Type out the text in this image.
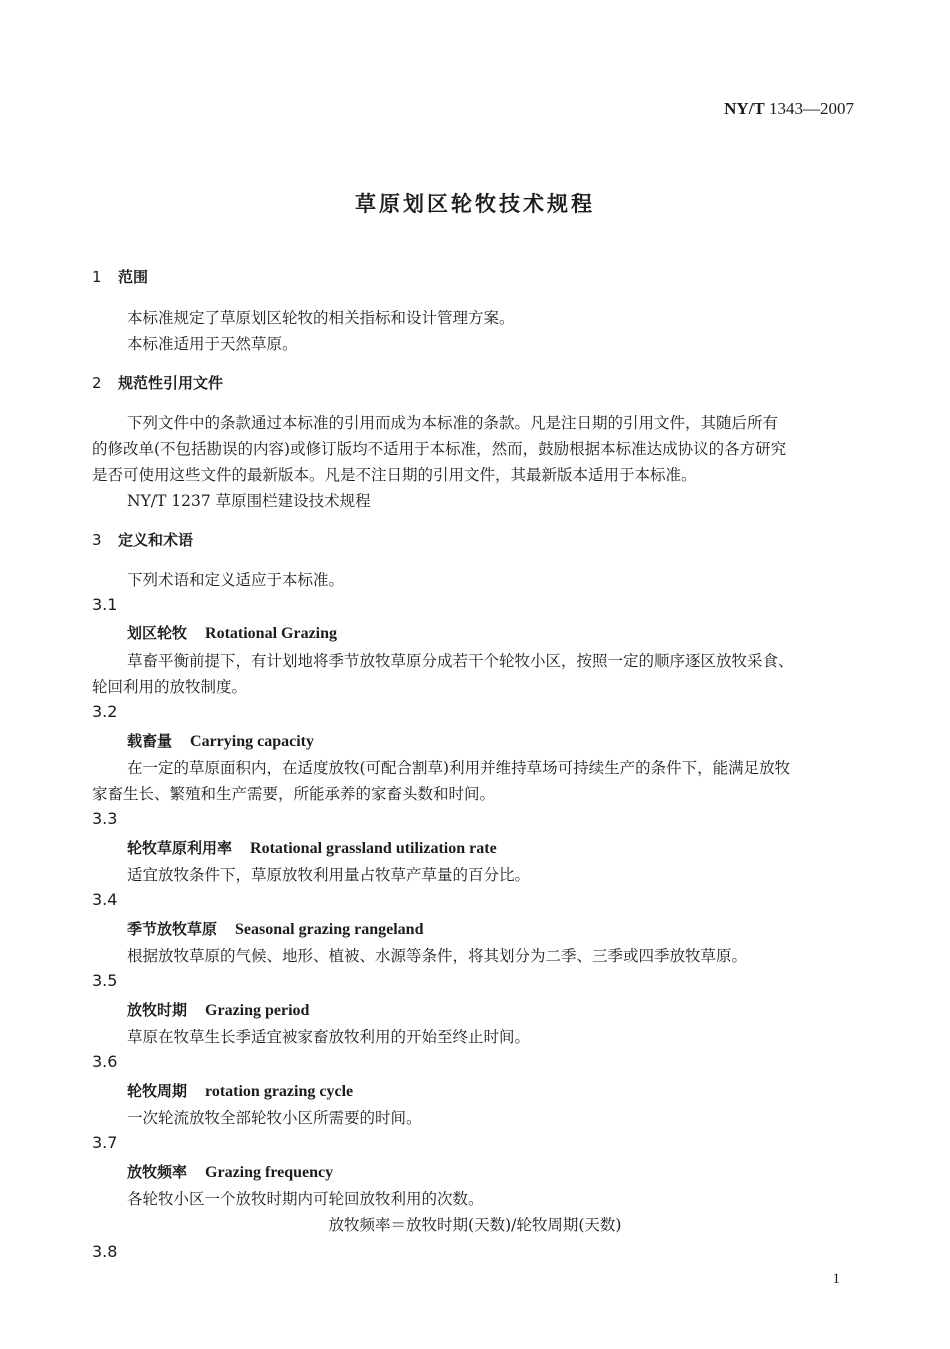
NY/T 1343—2007
草原划区轮牧技术规程
1 范围
本标准规定了草原划区轮牧的相关指标和设计管理方案。
本标准适用于天然草原。
2 规范性引用文件
下列文件中的条款通过本标准的引用而成为本标准的条款。凡是注日期的引用文件，其随后所有
的修改单(不包括勘误的内容)或修订版均不适用于本标准，然而，鼓励根据本标准达成协议的各方研究
是否可使用这些文件的最新版本。凡是不注日期的引用文件，其最新版本适用于本标准。
NY/T 1237 草原围栏建设技术规程
3 定义和术语
下列术语和定义适应于本标准。
3.1
划区轮牧 Rotational Grazing
草畜平衡前提下，有计划地将季节放牧草原分成若干个轮牧小区，按照一定的顺序逐区放牧采食、
轮回利用的放牧制度。
3.2
载畜量 Carrying capacity
在一定的草原面积内，在适度放牧(可配合割草)利用并维持草场可持续生产的条件下，能满足放牧
家畜生长、繁殖和生产需要，所能承养的家畜头数和时间。
3.3
轮牧草原利用率 Rotational grassland utilization rate
适宜放牧条件下，草原放牧利用量占牧草产草量的百分比。
3.4
季节放牧草原 Seasonal grazing rangeland
根据放牧草原的气候、地形、植被、水源等条件，将其划分为二季、三季或四季放牧草原。
3.5
放牧时期 Grazing period
草原在牧草生长季适宜被家畜放牧利用的开始至终止时间。
3.6
轮牧周期 rotation grazing cycle
一次轮流放牧全部轮牧小区所需要的时间。
3.7
放牧频率 Grazing frequency
各轮牧小区一个放牧时期内可轮回放牧利用的次数。
放牧频率＝放牧时期(天数)/轮牧周期(天数)
3.8
1
